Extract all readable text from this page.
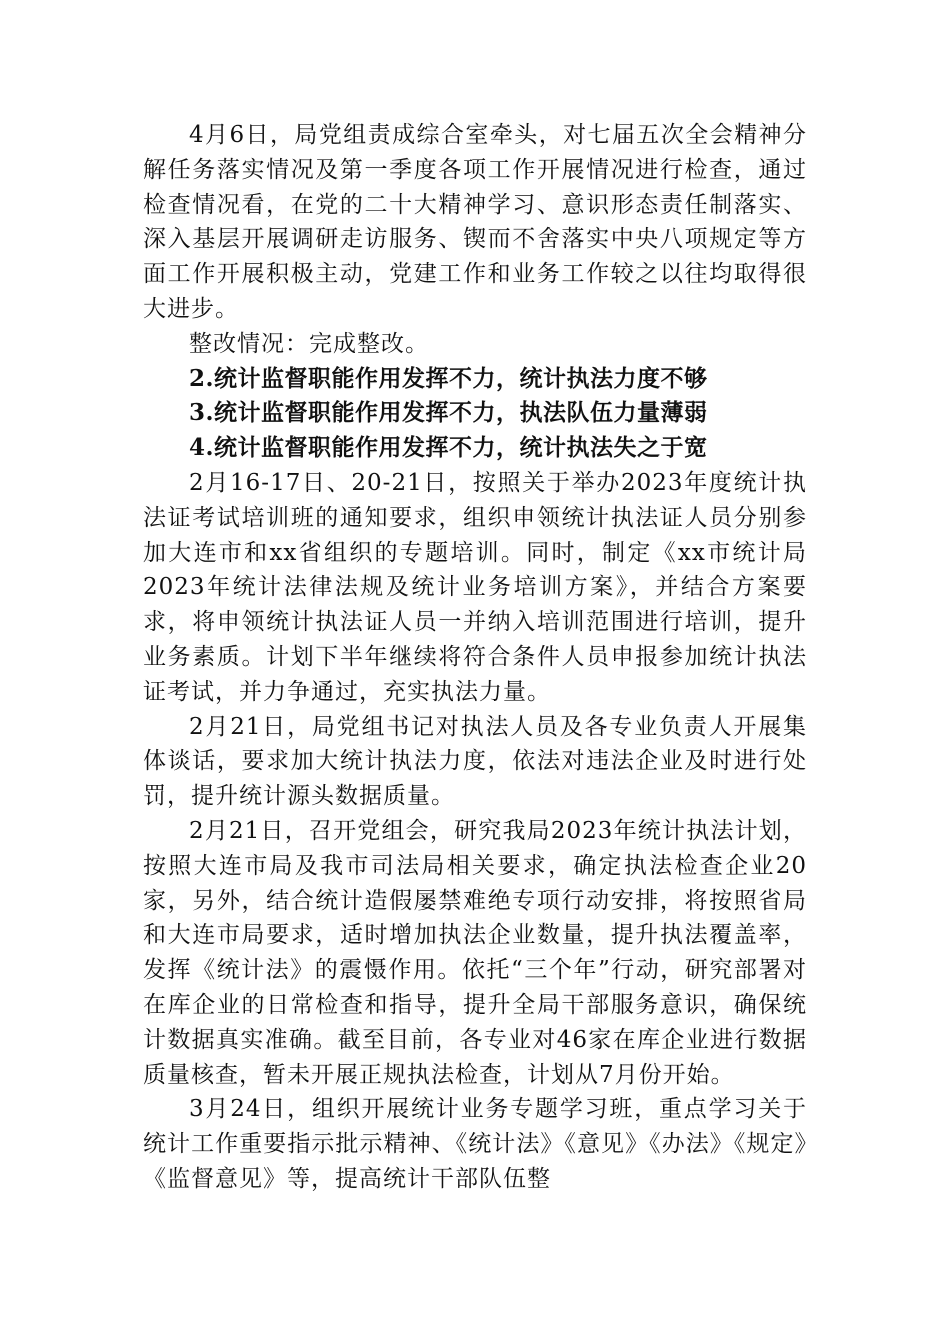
4月6日，局党组责成综合室牵头，对七届五次全会精神分解任务落实情况及第一季度各项工作开展情况进行检查，通过检查情况看，在党的二十大精神学习、意识形态责任制落实、深入基层开展调研走访服务、锲而不舍落实中央八项规定等方面工作开展积极主动，党建工作和业务工作较之以往均取得很大进步。

整改情况：完成整改。

2.统计监督职能作用发挥不力，统计执法力度不够

3.统计监督职能作用发挥不力，执法队伍力量薄弱

4.统计监督职能作用发挥不力，统计执法失之于宽

2月16-17日、20-21日，按照关于举办2023年度统计执法证考试培训班的通知要求，组织申领统计执法证人员分别参加大连市和xx省组织的专题培训。同时，制定《xx市统计局2023年统计法律法规及统计业务培训方案》，并结合方案要求，将申领统计执法证人员一并纳入培训范围进行培训，提升业务素质。计划下半年继续将符合条件人员申报参加统计执法证考试，并力争通过，充实执法力量。

2月21日，局党组书记对执法人员及各专业负责人开展集体谈话，要求加大统计执法力度，依法对违法企业及时进行处罚，提升统计源头数据质量。

2月21日，召开党组会，研究我局2023年统计执法计划，按照大连市局及我市司法局相关要求，确定执法检查企业20家，另外，结合统计造假屡禁难绝专项行动安排，将按照省局和大连市局要求，适时增加执法企业数量，提升执法覆盖率，发挥《统计法》的震慑作用。依托“三个年”行动，研究部署对在库企业的日常检查和指导，提升全局干部服务意识，确保统计数据真实准确。截至目前，各专业对46家在库企业进行数据质量核查，暂未开展正规执法检查，计划从7月份开始。

3月24日，组织开展统计业务专题学习班，重点学习关于统计工作重要指示批示精神、《统计法》《意见》《办法》《规定》《监督意见》等，提高统计干部队伍整
